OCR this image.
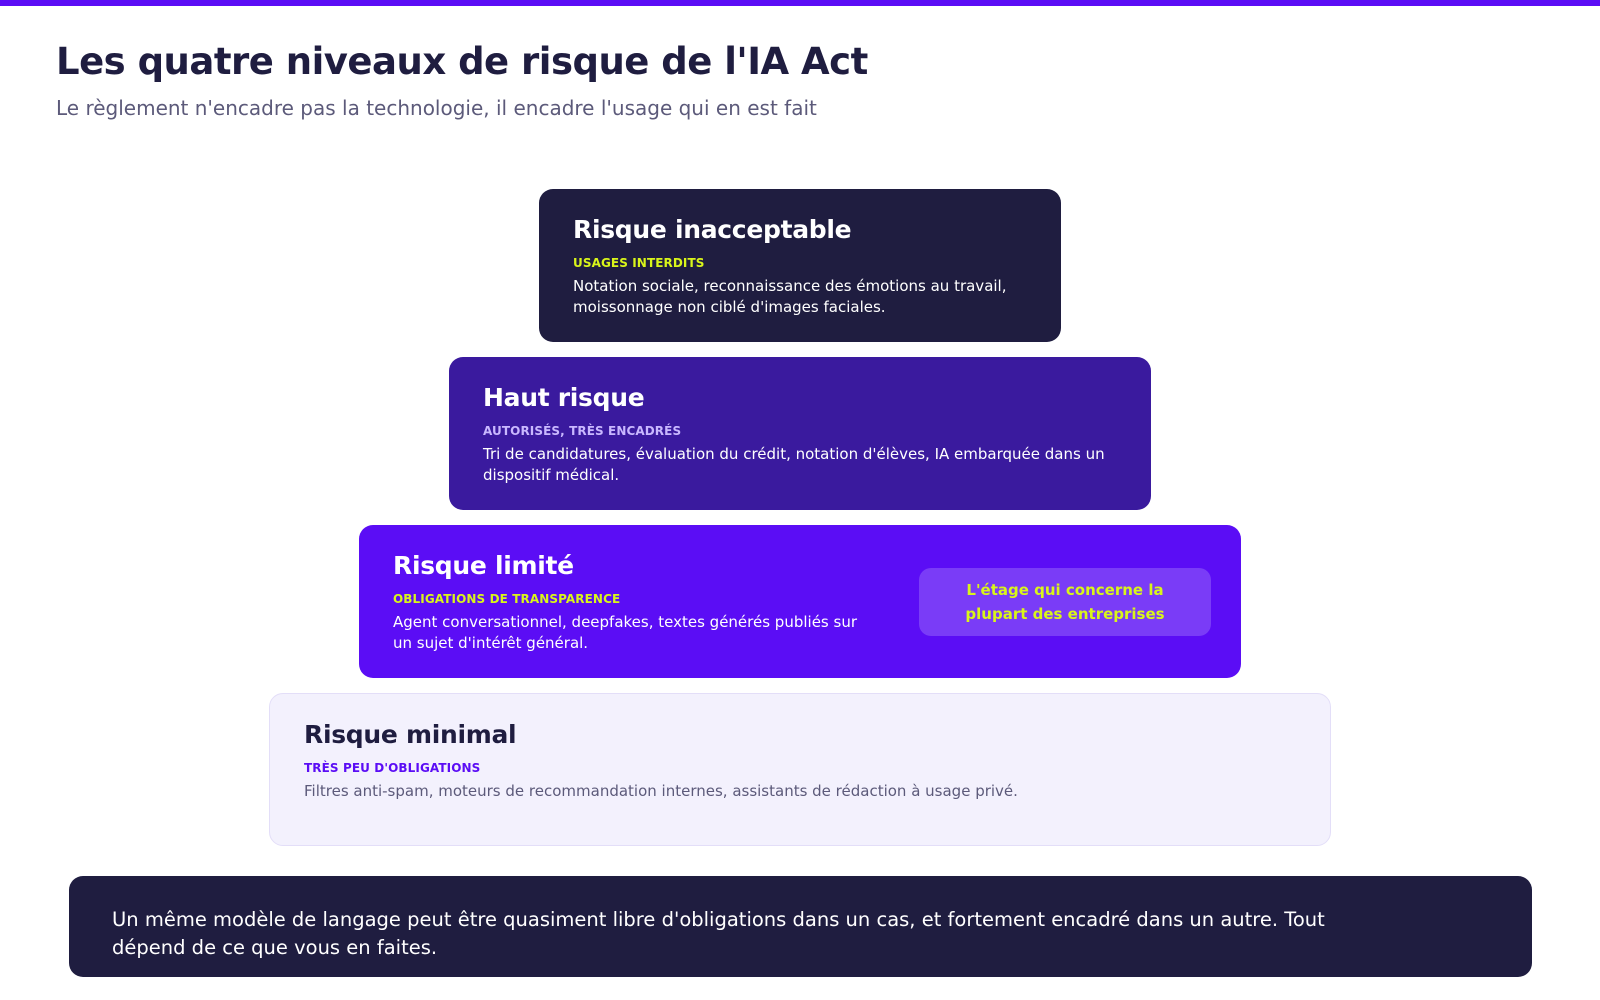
Les quatre niveaux de risque de l'IA Act

Le règlement n'encadre pas la technologie, il encadre l'usage qui en est fait

Risque inacceptable
USAGES INTERDITS
Notation sociale, reconnaissance des émotions au travail, moissonnage non ciblé d'images faciales.
Haut risque
AUTORISÉS, TRÈS ENCADRÉS
Tri de candidatures, évaluation du crédit, notation d'élèves, IA embarquée dans un dispositif médical.
Risque limité
OBLIGATIONS DE TRANSPARENCE
Agent conversationnel, deepfakes, textes générés publiés sur un sujet d'intérêt général.
L'étage qui concerne la plupart des entreprises
Risque minimal
TRÈS PEU D'OBLIGATIONS
Filtres anti-spam, moteurs de recommandation internes, assistants de rédaction à usage privé.

Un même modèle de langage peut être quasiment libre d'obligations dans un cas, et fortement encadré dans un autre. Tout dépend de ce que vous en faites.
